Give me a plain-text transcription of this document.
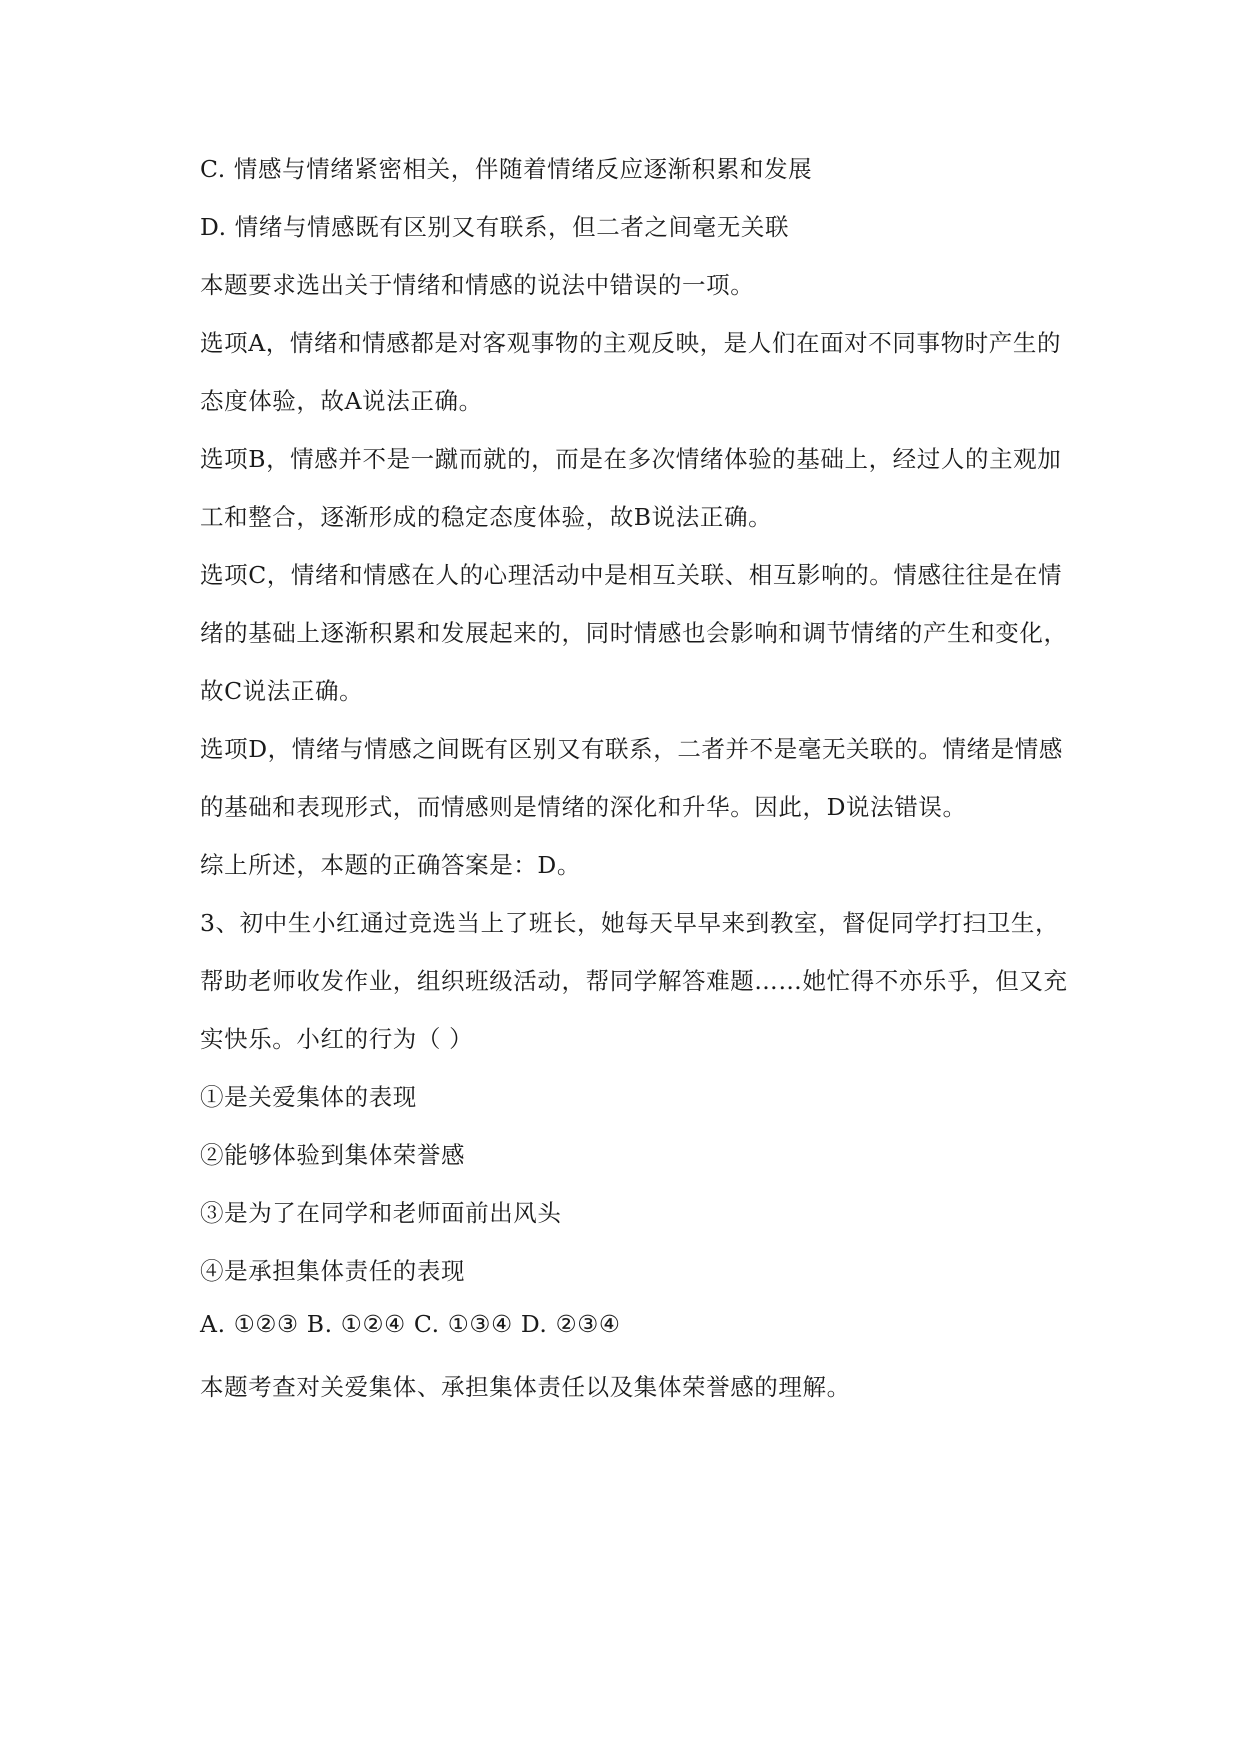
C. 情感与情绪紧密相关，伴随着情绪反应逐渐积累和发展
D. 情绪与情感既有区别又有联系，但二者之间毫无关联
本题要求选出关于情绪和情感的说法中错误的一项。
选项A，情绪和情感都是对客观事物的主观反映，是人们在面对不同事物时产生的
态度体验，故A说法正确。
选项B，情感并不是一蹴而就的，而是在多次情绪体验的基础上，经过人的主观加
工和整合，逐渐形成的稳定态度体验，故B说法正确。
选项C，情绪和情感在人的心理活动中是相互关联、相互影响的。情感往往是在情
绪的基础上逐渐积累和发展起来的，同时情感也会影响和调节情绪的产生和变化，
故C说法正确。
选项D，情绪与情感之间既有区别又有联系，二者并不是毫无关联的。情绪是情感
的基础和表现形式，而情感则是情绪的深化和升华。因此，D说法错误。
综上所述，本题的正确答案是：D。
3、初中生小红通过竞选当上了班长，她每天早早来到教室，督促同学打扫卫生，
帮助老师收发作业，组织班级活动，帮同学解答难题……她忙得不亦乐乎，但又充
实快乐。小红的行为（ ）
①是关爱集体的表现
②能够体验到集体荣誉感
③是为了在同学和老师面前出风头
④是承担集体责任的表现
A. ①②③ B. ①②④ C. ①③④ D. ②③④
本题考查对关爱集体、承担集体责任以及集体荣誉感的理解。
